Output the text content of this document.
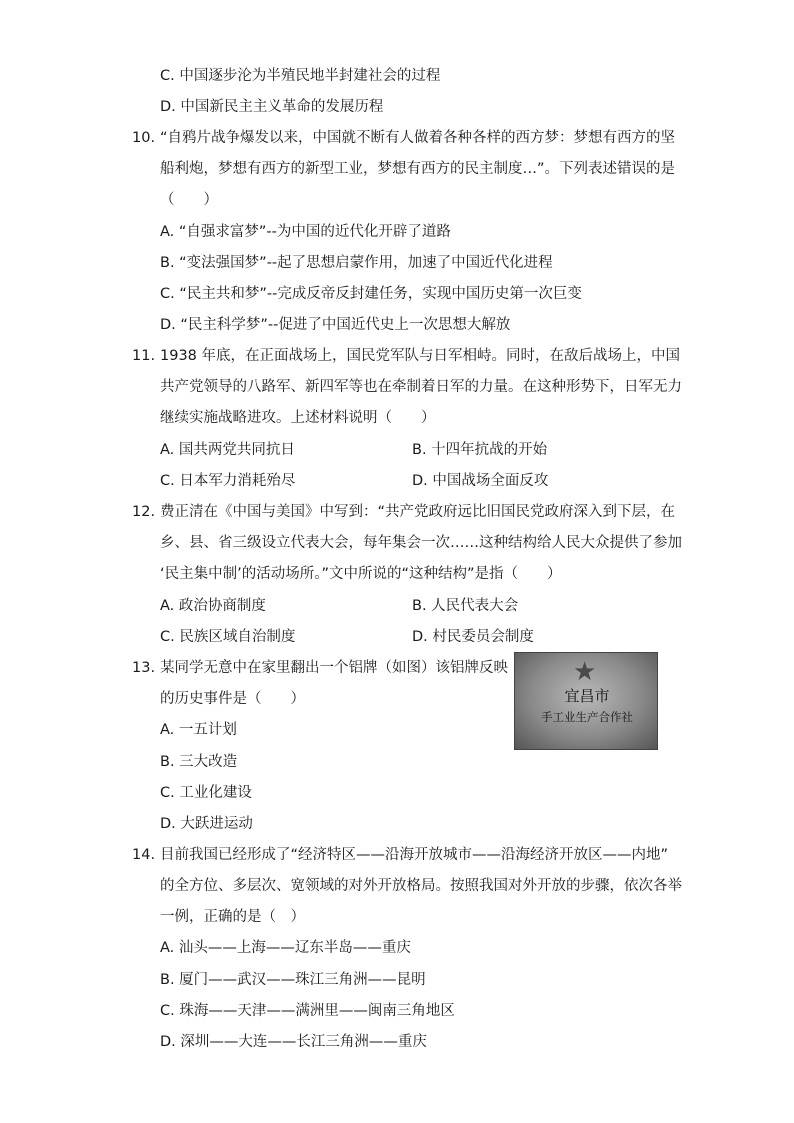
C. 中国逐步沦为半殖民地半封建社会的过程
D. 中国新民主主义革命的发展历程
10. “自鸦片战争爆发以来，中国就不断有人做着各种各样的西方梦：梦想有西方的坚
船利炮，梦想有西方的新型工业，梦想有西方的民主制度…”。下列表述错误的是
（　　）
A. “自强求富梦”--为中国的近代化开辟了道路
B. “变法强国梦”--起了思想启蒙作用，加速了中国近代化进程
C. “民主共和梦”--完成反帝反封建任务，实现中国历史第一次巨变
D. “民主科学梦”--促进了中国近代史上一次思想大解放
11. 1938 年底，在正面战场上，国民党军队与日军相峙。同时，在敌后战场上，中国
共产党领导的八路军、新四军等也在牵制着日军的力量。在这种形势下，日军无力
继续实施战略进攻。上述材料说明（　　）
A. 国共两党共同抗日	B. 十四年抗战的开始
C. 日本军力消耗殆尽	D. 中国战场全面反攻
12. 费正清在《中国与美国》中写到：“共产党政府远比旧国民党政府深入到下层，在
乡、县、省三级设立代表大会，每年集会一次……这种结构给人民大众提供了参加
‘民主集中制’的活动场所。”文中所说的“这种结构”是指（　　）
A. 政治协商制度	B. 人民代表大会
C. 民族区域自治制度	D. 村民委员会制度
13. 某同学无意中在家里翻出一个铝牌（如图）该铝牌反映
的历史事件是（　　）
A. 一五计划
B. 三大改造
C. 工业化建设
D. 大跃进运动
★
宜昌市
手工业生产合作社
14. 目前我国已经形成了“经济特区——沿海开放城市——沿海经济开放区——内地”
的全方位、多层次、宽领域的对外开放格局。按照我国对外开放的步骤，依次各举
一例，正确的是（　）
A. 汕头——上海——辽东半岛——重庆
B. 厦门——武汉——珠江三角洲——昆明
C. 珠海——天津——满洲里——闽南三角地区
D. 深圳——大连——长江三角洲——重庆
